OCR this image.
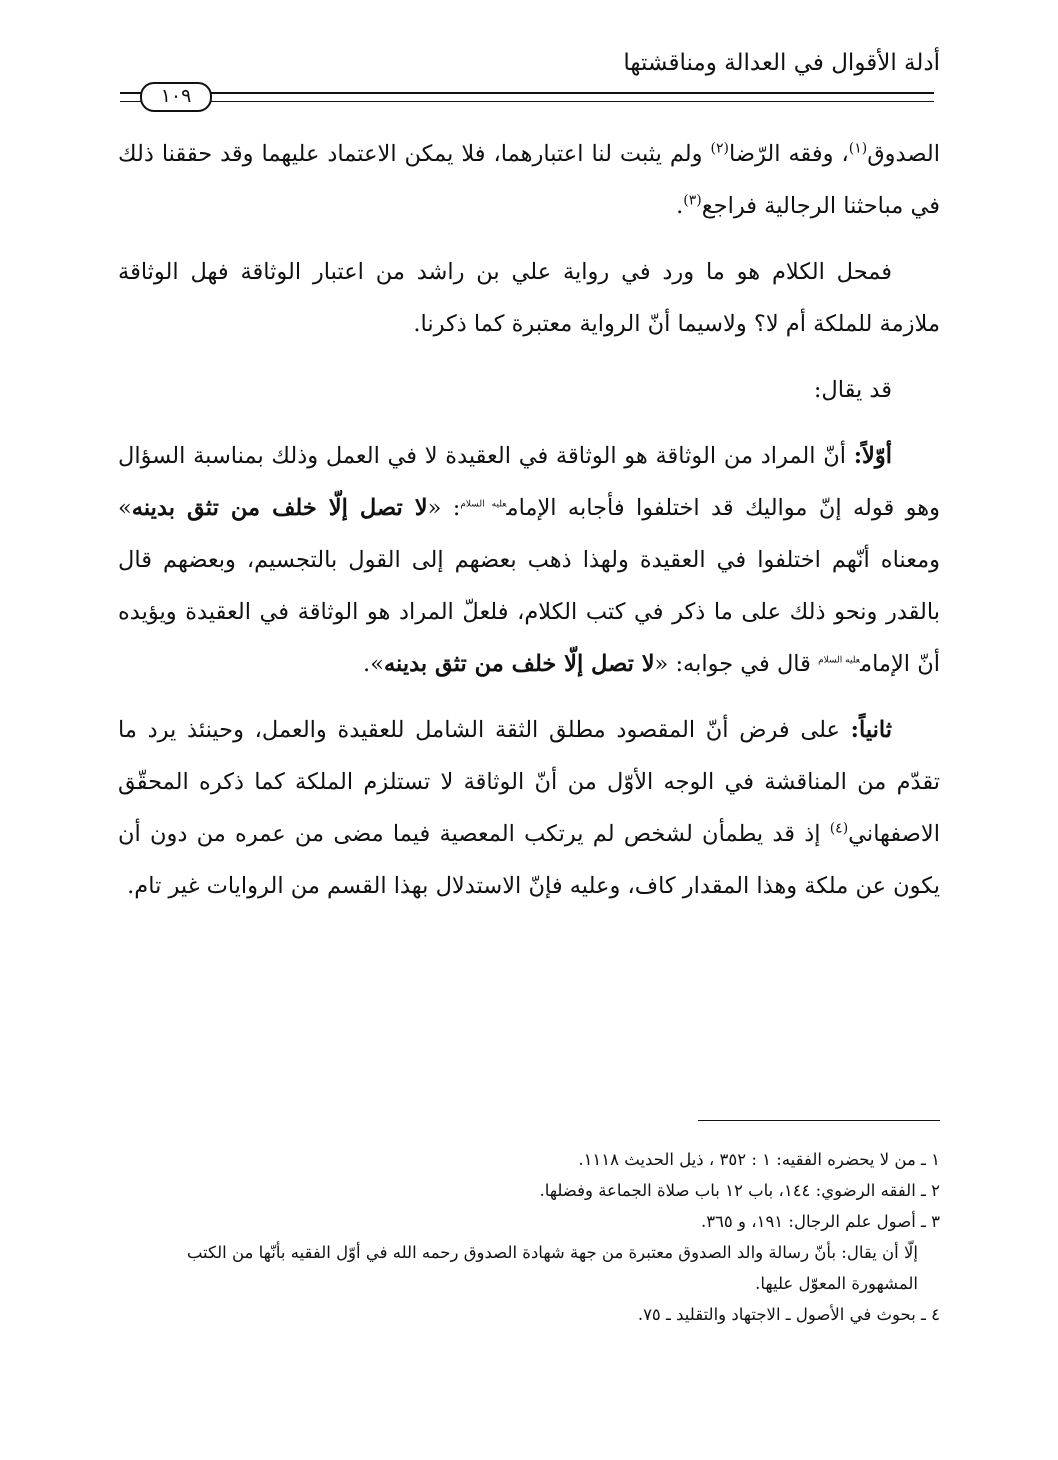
أدلة الأقوال في العدالة ومناقشتها
١٠٩

الصدوق$^{(١)}$، وفقه الرّضا$^{(٢)}$ ولم يثبت لنا اعتبارهما، فلا يمكن الاعتماد عليهما وقد حققنا ذلك في مباحثنا الرجالية فراجع$^{(٣)}$.

فمحل الكلام هو ما ورد في رواية علي بن راشد من اعتبار الوثاقة فهل الوثاقة ملازمة للملكة أم لا؟ ولاسيما أنّ الرواية معتبرة كما ذكرنا.

قد يقال:

أوّلاً: أنّ المراد من الوثاقة هو الوثاقة في العقيدة لا في العمل وذلك بمناسبة السؤال وهو قوله إنّ مواليك قد اختلفوا فأجابه الإمام$^{عليه السلام}$: «لا تصل إلّا خلف من تثق بدينه» ومعناه أنّهم اختلفوا في العقيدة ولهذا ذهب بعضهم إلى القول بالتجسيم، وبعضهم قال بالقدر ونحو ذلك على ما ذكر في كتب الكلام، فلعلّ المراد هو الوثاقة في العقيدة ويؤيده أنّ الإمام$^{عليه السلام}$ قال في جوابه: «لا تصل إلّا خلف من تثق بدينه».

ثانياً: على فرض أنّ المقصود مطلق الثقة الشامل للعقيدة والعمل، وحينئذ يرد ما تقدّم من المناقشة في الوجه الأوّل من أنّ الوثاقة لا تستلزم الملكة كما ذكره المحقّق الاصفهاني$^{(٤)}$ إذ قد يطمأن لشخص لم يرتكب المعصية فيما مضى من عمره من دون أن يكون عن ملكة وهذا المقدار كاف، وعليه فإنّ الاستدلال بهذا القسم من الروايات غير تام.

١ ـ من لا يحضره الفقيه: ١ : ٣٥٢ ، ذيل الحديث ١١١٨.

٢ ـ الفقه الرضوي: ١٤٤، باب ١٢ باب صلاة الجماعة وفضلها.

٣ ـ أصول علم الرجال: ١٩١، و ٣٦٥.

إلّا أن يقال: بأنّ رسالة والد الصدوق معتبرة من جهة شهادة الصدوق رحمه الله في أوّل الفقيه بأنّها من الكتب المشهورة المعوّل عليها.

٤ ـ بحوث في الأصول ـ الاجتهاد والتقليد ـ ٧٥.
